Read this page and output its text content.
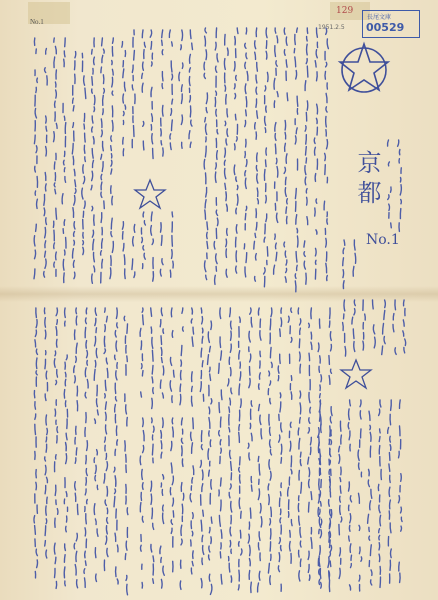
No.1
129
1951.2.5
長尾文庫
00529
京都
No.1
